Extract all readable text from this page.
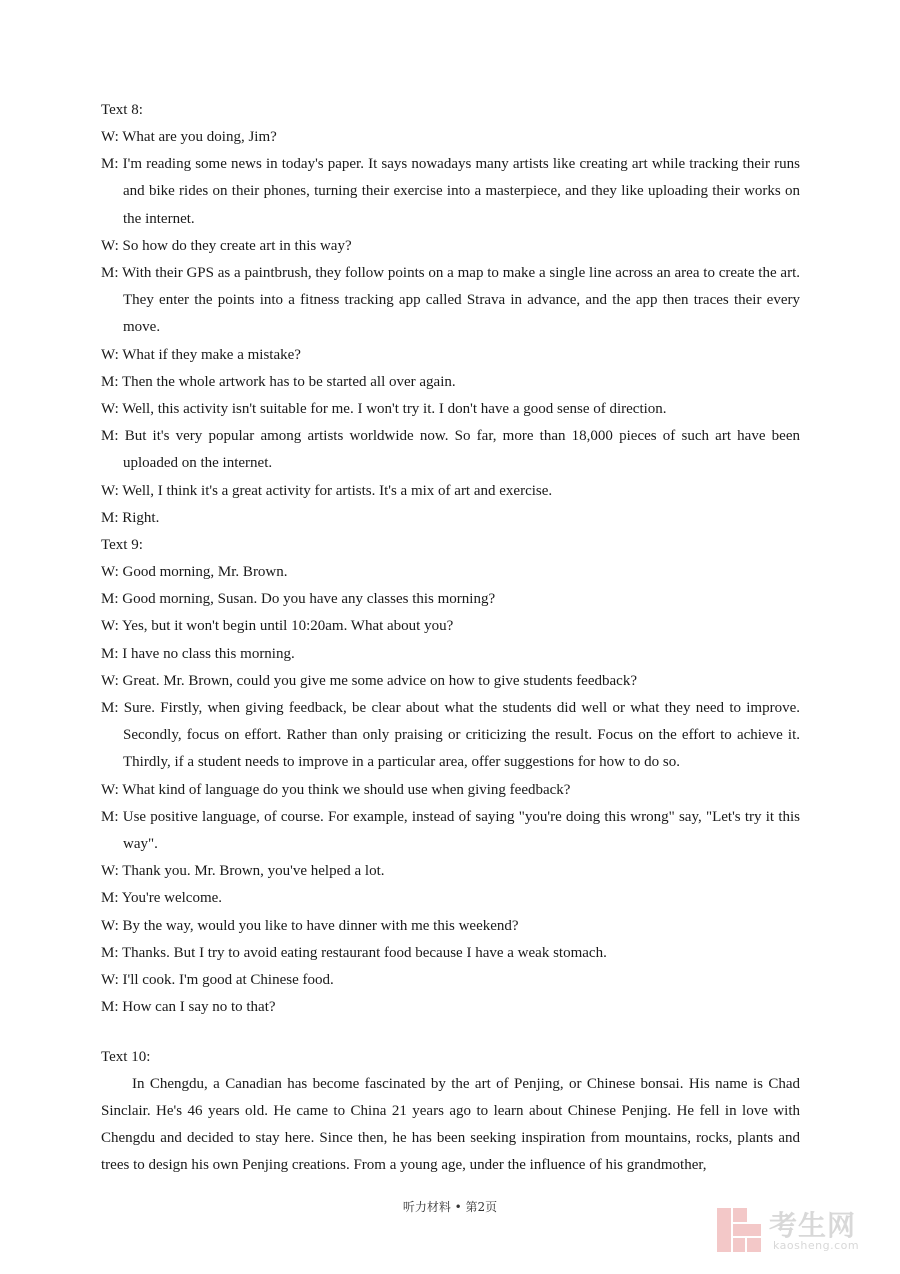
Text 8:

W: What are you doing, Jim?

M: I'm reading some news in today's paper. It says nowadays many artists like creating art while tracking their runs and bike rides on their phones, turning their exercise into a masterpiece, and they like uploading their works on the internet.

W: So how do they create art in this way?

M: With their GPS as a paintbrush, they follow points on a map to make a single line across an area to create the art. They enter the points into a fitness tracking app called Strava in advance, and the app then traces their every move.

W: What if they make a mistake?

M: Then the whole artwork has to be started all over again.

W: Well, this activity isn't suitable for me. I won't try it. I don't have a good sense of direction.

M: But it's very popular among artists worldwide now. So far, more than 18,000 pieces of such art have been uploaded on the internet.

W: Well, I think it's a great activity for artists. It's a mix of art and exercise.

M: Right.

Text 9:

W: Good morning, Mr. Brown.

M: Good morning, Susan. Do you have any classes this morning?

W: Yes, but it won't begin until 10:20am. What about you?

M: I have no class this morning.

W: Great. Mr. Brown, could you give me some advice on how to give students feedback?

M: Sure. Firstly, when giving feedback, be clear about what the students did well or what they need to improve. Secondly, focus on effort. Rather than only praising or criticizing the result. Focus on the effort to achieve it. Thirdly, if a student needs to improve in a particular area, offer suggestions for how to do so.

W: What kind of language do you think we should use when giving feedback?

M: Use positive language, of course. For example, instead of saying "you're doing this wrong" say, "Let's try it this way".

W: Thank you. Mr. Brown, you've helped a lot.

M: You're welcome.

W: By the way, would you like to have dinner with me this weekend?

M: Thanks. But I try to avoid eating restaurant food because I have a weak stomach.

W: I'll cook. I'm good at Chinese food.

M: How can I say no to that?

Text 10:

In Chengdu, a Canadian has become fascinated by the art of Penjing, or Chinese bonsai. His name is Chad Sinclair. He's 46 years old. He came to China 21 years ago to learn about Chinese Penjing. He fell in love with Chengdu and decided to stay here. Since then, he has been seeking inspiration from mountains, rocks, plants and trees to design his own Penjing creations. From a young age, under the influence of his grandmother,

听力材料 • 第2页
考生网
kaosheng.com
